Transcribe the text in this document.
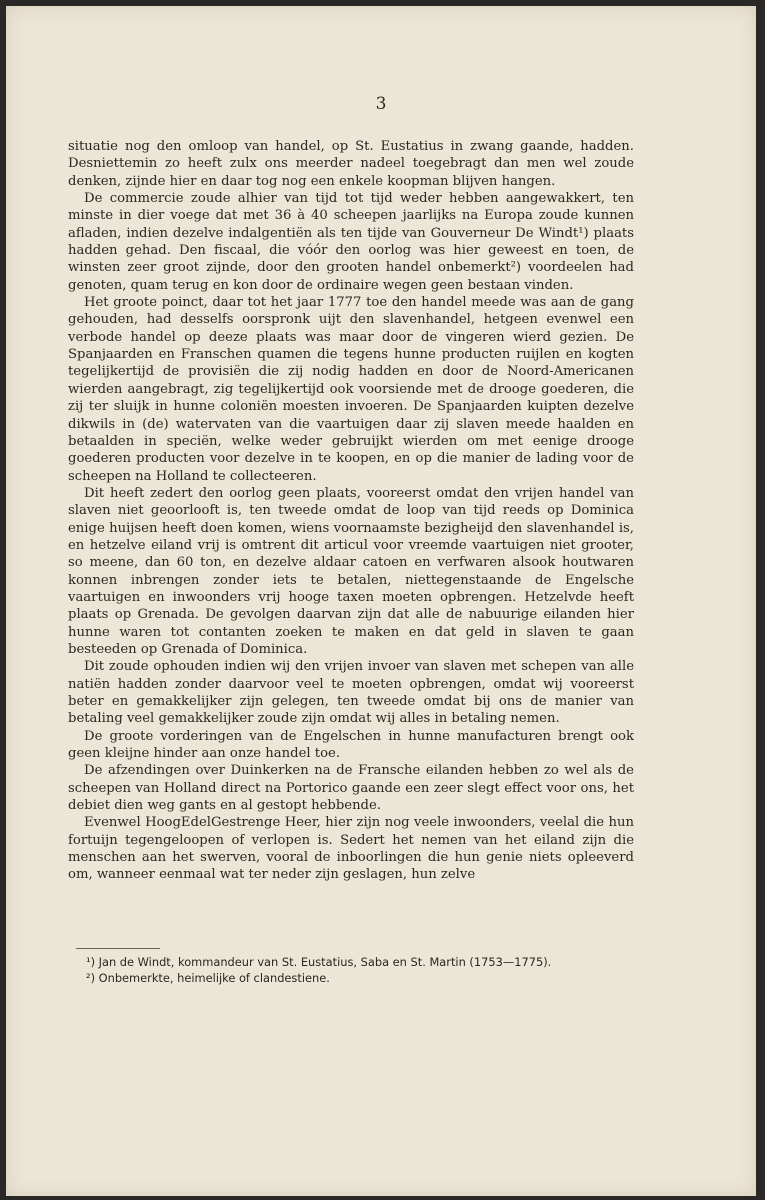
3

situatie nog den omloop van handel, op St. Eustatius in zwang gaande, hadden. Desniettemin zo heeft zulx ons meerder nadeel toegebragt dan men wel zoude denken, zijnde hier en daar tog nog een enkele koopman blijven hangen.

De commercie zoude alhier van tijd tot tijd weder hebben aangewakkert, ten minste in dier voege dat met 36 à 40 scheepen jaarlijks na Europa zoude kunnen afladen, indien dezelve indalgentiën als ten tijde van Gouverneur De Windt¹) plaats hadden gehad. Den fiscaal, die vóór den oorlog was hier geweest en toen, de winsten zeer groot zijnde, door den grooten handel onbemerkt²) voordeelen had genoten, quam terug en kon door de ordinaire wegen geen bestaan vinden.

Het groote poinct, daar tot het jaar 1777 toe den handel meede was aan de gang gehouden, had desselfs oorspronk uijt den slavenhandel, hetgeen evenwel een verbode handel op deeze plaats was maar door de vingeren wierd gezien. De Spanjaarden en Franschen quamen die tegens hunne producten ruijlen en kogten tegelijkertijd de provisiën die zij nodig hadden en door de Noord-Americanen wierden aangebragt, zig tegelijkertijd ook voorsiende met de drooge goederen, die zij ter sluijk in hunne coloniën moesten invoeren. De Spanjaarden kuipten dezelve dikwils in (de) watervaten van die vaartuigen daar zij slaven meede haalden en betaalden in speciën, welke weder gebruijkt wierden om met eenige drooge goederen producten voor dezelve in te koopen, en op die manier de lading voor de scheepen na Holland te collecteeren.

Dit heeft zedert den oorlog geen plaats, vooreerst omdat den vrijen handel van slaven niet geoorlooft is, ten tweede omdat de loop van tijd reeds op Dominica enige huijsen heeft doen komen, wiens voornaamste bezigheijd den slavenhandel is, en hetzelve eiland vrij is omtrent dit articul voor vreemde vaartuigen niet grooter, so meene, dan 60 ton, en dezelve aldaar catoen en verfwaren alsook houtwaren konnen inbrengen zonder iets te betalen, niettegenstaande de Engelsche vaartuigen en inwoonders vrij hooge taxen moeten opbrengen. Hetzelvde heeft plaats op Grenada. De gevolgen daarvan zijn dat alle de nabuurige eilanden hier hunne waren tot contanten zoeken te maken en dat geld in slaven te gaan besteeden op Grenada of Dominica.

Dit zoude ophouden indien wij den vrijen invoer van slaven met schepen van alle natiën hadden zonder daarvoor veel te moeten opbrengen, omdat wij vooreerst beter en gemakkelijker zijn gelegen, ten tweede omdat bij ons de manier van betaling veel gemakkelijker zoude zijn omdat wij alles in betaling nemen.

De groote vorderingen van de Engelschen in hunne manufacturen brengt ook geen kleijne hinder aan onze handel toe.

De afzendingen over Duinkerken na de Fransche eilanden hebben zo wel als de scheepen van Holland direct na Portorico gaande een zeer slegt effect voor ons, het debiet dien weg gants en al gestopt hebbende.

Evenwel HoogEdelGestrenge Heer, hier zijn nog veele inwoonders, veelal die hun fortuijn tegengeloopen of verlopen is. Sedert het nemen van het eiland zijn die menschen aan het swerven, vooral de inboorlingen die hun genie niets opleeverd om, wanneer eenmaal wat ter neder zijn geslagen, hun zelve

¹) Jan de Windt, kommandeur van St. Eustatius, Saba en St. Martin (1753—1775).

²) Onbemerkte, heimelijke of clandestiene.
